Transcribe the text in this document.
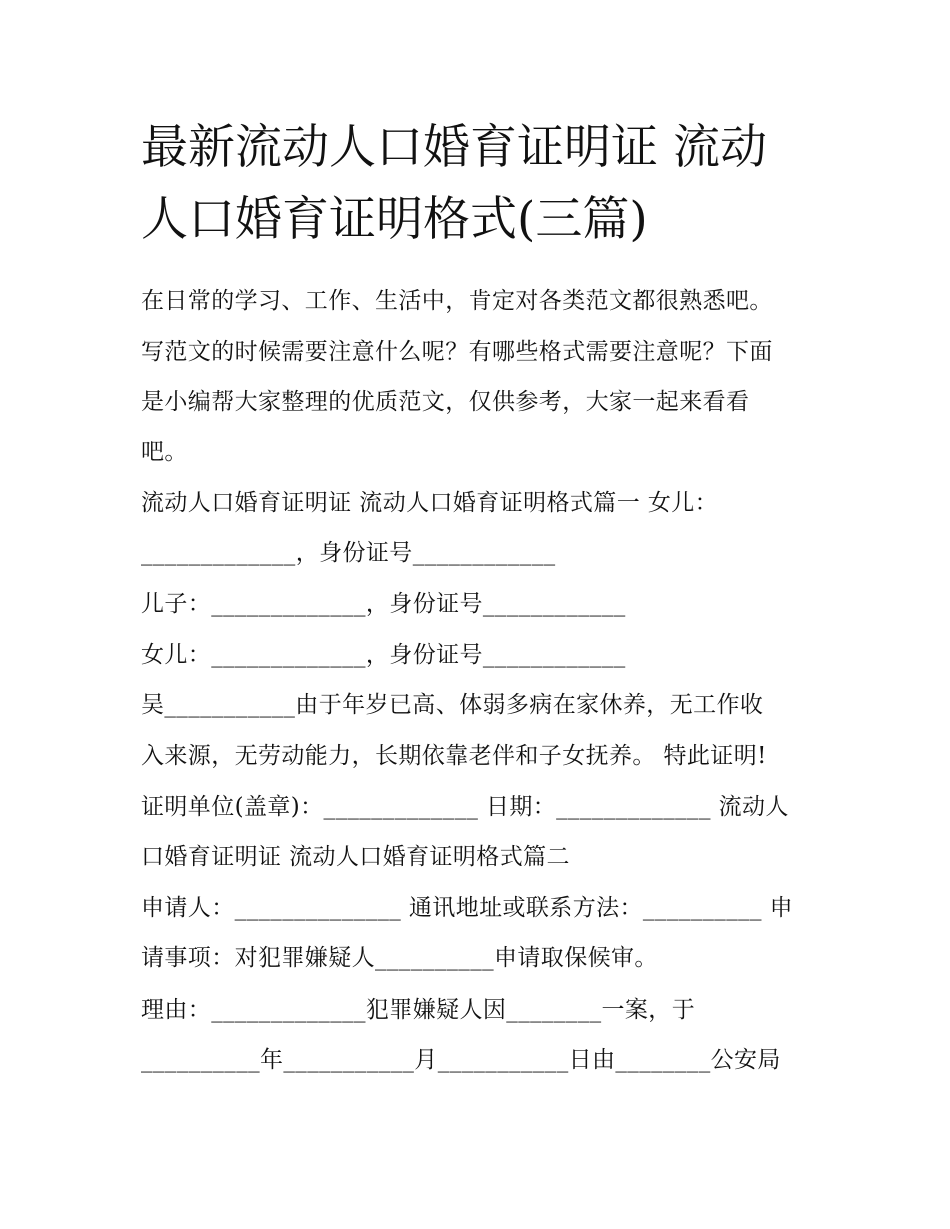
最新流动人口婚育证明证 流动
人口婚育证明格式(三篇)
在日常的学习、工作、生活中，肯定对各类范文都很熟悉吧。
写范文的时候需要注意什么呢？有哪些格式需要注意呢？下面
是小编帮大家整理的优质范文，仅供参考，大家一起来看看
吧。
流动人口婚育证明证 流动人口婚育证明格式篇一 女儿：
_____________，身份证号____________
儿子：_____________，身份证号____________
女儿：_____________，身份证号____________
吴___________由于年岁已高、体弱多病在家休养，无工作收
入来源，无劳动能力，长期依靠老伴和子女抚养。 特此证明!
证明单位(盖章)：_____________ 日期：_____________ 流动人
口婚育证明证 流动人口婚育证明格式篇二
申请人：______________ 通讯地址或联系方法：__________ 申
请事项：对犯罪嫌疑人__________申请取保候审。
理由：_____________犯罪嫌疑人因________一案，于
__________年___________月___________日由________公安局
